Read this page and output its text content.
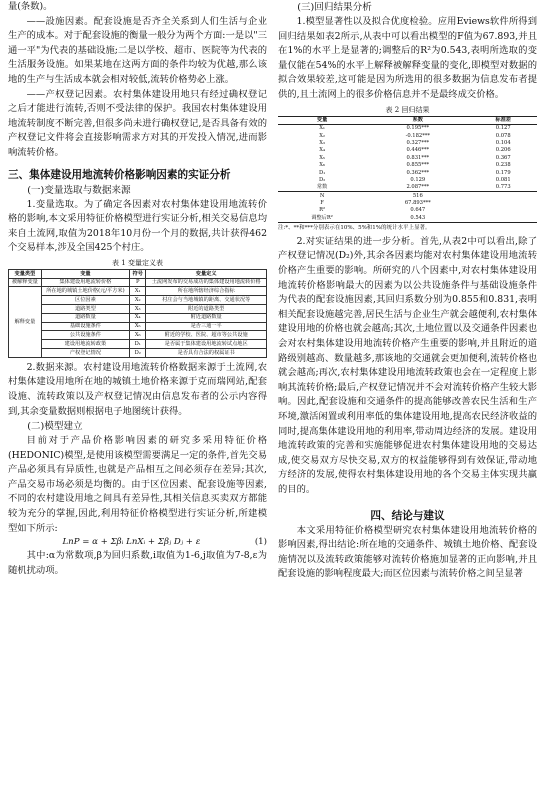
量(条数)。

——設施因素。配套设施是否齐全关系到人们生活与企业生产的成本。对于配套设施的衡量一般分为两个方面:一是以"三通一平"为代表的基础设施;二是以学校、超市、医院等为代表的生活服务设施。如果某地在这两方面的条件均较为优越,那么该地的生产与生活成本就会相对较低,流转价格势必上涨。

——产权登记因素。农村集体建设用地只有经过确权登记之后才能进行流转,否则不受法律的保护。我国农村集体建设用地流转制度不断完善,但很多尚未进行确权登记,是否具备有效的产权登记文件将会直接影响需求方对其的开发投入情况,进而影响流转价格。

三、集体建设用地流转价格影响因素的实证分析
(一)变量选取与数据来源

1.变量选取。为了确定各因素对农村集体建设用地流转价格的影响,本文采用特征价格模型进行实证分析,相关交易信息均来自土流网,取值为2018年10月份一个月的数据,共计获得462个交易样本,涉及全国425个村庄。

表 1 变量定义表
变量类型	变量	符号	变量定义
被解释变量	集体建设用地流转价格	P	土流网发布的交易成功的集体建设用地流转价格
解释变量	所在地的城镇土地价格(元/平方米)	X₁	所在地所辖经济综合指标
	区位因素	X₂	村庄会与当地城镇的距离、交通状况等
	道路类型	X₃	附近的道路类型
	道路数量	X₄	附近道路数量
	基础设施条件	X₅	是否三通一平
	公共设施条件	X₆	附近的学校、医院、超市等公共设施
	建设用地流转政策	D₁	是否属于集体建设用地流转试点地区
	产权登记情况	D₂	是否具有合法的权属证书

2.数据来源。农村建设用地流转价格数据来源于土流网,农村集体建设用地所在地的城镇土地价格来源于克而瑞网站,配套设施、流转政策以及产权登记情况由信息发布者的公示内容得到,其余变量数据则根据电子地图统计获得。

(二)模型建立

目前对于产品价格影响因素的研究多采用特征价格(HEDONIC)模型,是使用该模型需要满足一定的条件,首先交易产品必须具有异质性,也就是产品相互之间必须存在差异;其次,产品交易市场必须是均衡的。由于区位因素、配套设施等因素,不同的农村建设用地之间具有差异性,其相关信息买卖双方都能较为充分的掌握,因此,利用特征价格模型进行实证分析,所建模型如下所示:

LnP = α + Σβᵢ LnXᵢ + Σβⱼ Dⱼ + ε	(1)

其中:α为常数项,β为回归系数,i取值为1-6,j取值为7-8,ε为随机扰动项。

(三)回归结果分析

1.模型显著性以及拟合优度检验。应用Eviews软件所得到回归结果如表2所示,从表中可以看出模型的F值为67.893,并且在1%的水平上是显著的;调整后的R²为0.543,表明所选取的变量仅能在54%的水平上解释被解释变量的变化,即模型对数据的拟合效果较差,这可能是因为所选用的很多数据为信息发布者提供的,且土流网上的很多价格信息并不是最终成交价格。

表 2 回归结果
变量	系数	标准差
X₁	0.195***	0.127
X₂	-0.182***	0.078
X₃	0.327***	0.104
X₄	0.446***	0.206
X₅	0.831***	0.367
X₆	0.855***	0.238
D₁	0.362***	0.179
D₂	0.129	0.081
常数	2.087***	0.773
N	516	
F	67.893***	
R²	0.647	
调整后R²	0.543	
注:*、**和***分别表示在10%、5%和1%的统计水平上显著。

2.对实证结果的进一步分析。首先,从表2中可以看出,除了产权登记情况(D₂)外,其余各因素均能对农村集体建设用地流转价格产生重要的影响。所研究的八个因素中,对农村集体建设用地流转价格影响最大的因素为以公共设施条件与基础设施条件为代表的配套设施因素,其回归系数分别为0.855和0.831,表明相关配套设施越完善,居民生活与企业生产就会越便利,农村集体建设用地的价格也就会越高;其次,土地位置以及交通条件因素也会对农村集体建设用地流转价格产生重要的影响,并且附近的道路级别越高、数量越多,那该地的交通就会更加便利,流转价格也就会越高;再次,农村集体建设用地流转政策也会在一定程度上影响其流转价格;最后,产权登记情况并不会对流转价格产生较大影响。因此,配套设施和交通条件的提高能够改善农民生活和生产环境,激活闲置或利用率低的集体建设用地,提高农民经济收益的同时,提高集体建设用地的利用率,带动周边经济的发展。建设用地流转政策的完善和实施能够促进农村集体建设用地的交易达成,使交易双方尽快交易,双方的权益能够得到有效保证,带动地方经济的发展,使得农村集体建设用地的各个交易主体实现共赢的目的。

四、结论与建议

本文采用特征价格模型研究农村集体建设用地流转价格的影响因素,得出结论:所在地的交通条件、城镇土地价格、配套设施情况以及流转政策能够对流转价格施加显著的正向影响,并且配套设施的影响程度最大;而区位因素与流转价格之间呈显著
